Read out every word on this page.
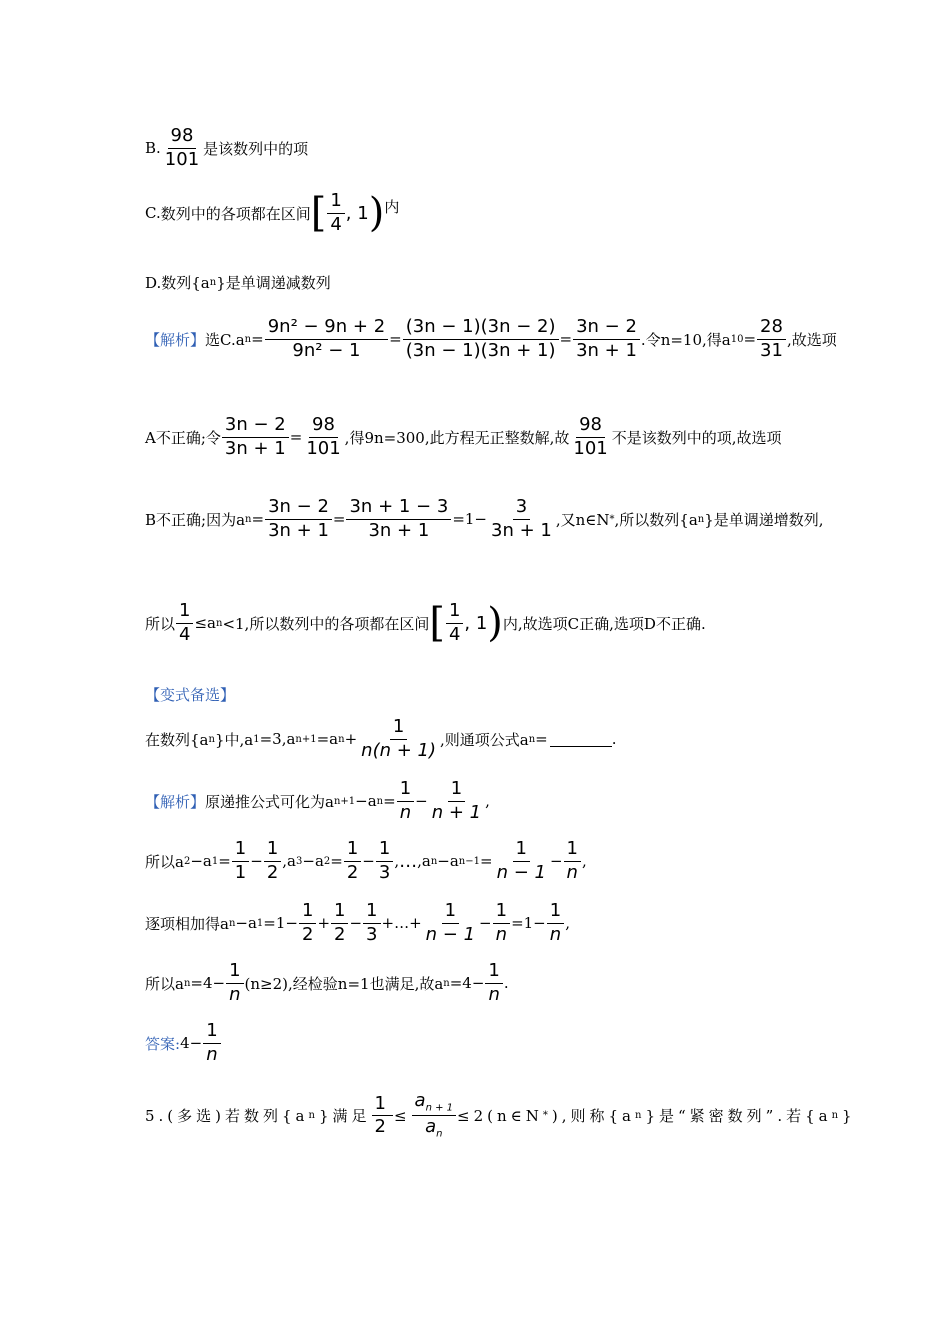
B. $\frac{98}{101}$ 是该数列中的项
C. 数列中的各项都在区间 [ $\frac{1}{4}$ , 1 ) 内
D.数列{a n }是单调递减数列
【解析】 选C.a $n = \frac{\text{9n² − 9n + 2}}{\text{9n² − 1}} = \frac{(3n - 1)(3n - 2)}{(3n - 1)(3n + 1)} = \frac{3n - 2}{3n + 1}$ .令n=10,得a $10 = \frac{28}{31}$ ,故选项
A不正确;令 $\frac{3n - 2}{3n + 1} = \frac{98}{101}$ ,得9n=300,此方程无正整数解,故 $\frac{98}{101}$ 不是该数列中的项,故选项
B不正确;因为a $n = \frac{3n - 2}{3n + 1} = \frac{3n + 1 - 3}{3n + 1} = 1- \frac{3}{3n + 1}$ ,又n∈N * ,所以数列{a n }是单调递增数列,
所以 $\frac{1}{4} \le a$ n <1,所以数列中的各项都在区间 [ $\frac{1}{4}$ , 1 ) 内,故选项C正确,选项D不正确.
【变式备选】
在数列{a n }中,a 1 =3,a n+1 =a $n + \frac{1}{n(n + 1)}$ ,则通项公式a n =	.
【解析】 原递推公式可化为a n+1 −a $n = \frac{1}{n} - \frac{1}{n + 1}$ ,
所以a 2 −a $1 = \frac{1}{1} - \frac{1}{2} ,a$ 3 −a $2 = \frac{1}{2} - \frac{1}{3}$ , … ,a n −a $n-1 = \frac{1}{n - 1} - \frac{1}{n}$ ,
逐项相加得a n −a $1 =1- \frac{1}{2} + \frac{1}{2} - \frac{1}{3}$ +…+ $\frac{1}{n - 1} - \frac{1}{n} =1- \frac{1}{n}$ ,
所以a $n =4- \frac{1}{n} (n\ge 2)$,经检验n=1也满足,故a $n =4- \frac{1}{n}$ .
答案: $4- \frac{1}{n}$
5.(多选)若数列{a n }满足 $\frac{1}{2} \le \frac{a_{n + 1}}{a_n}$ ≤2(n∈N * ),则称{a n }是“紧密数列”.若{a n }
